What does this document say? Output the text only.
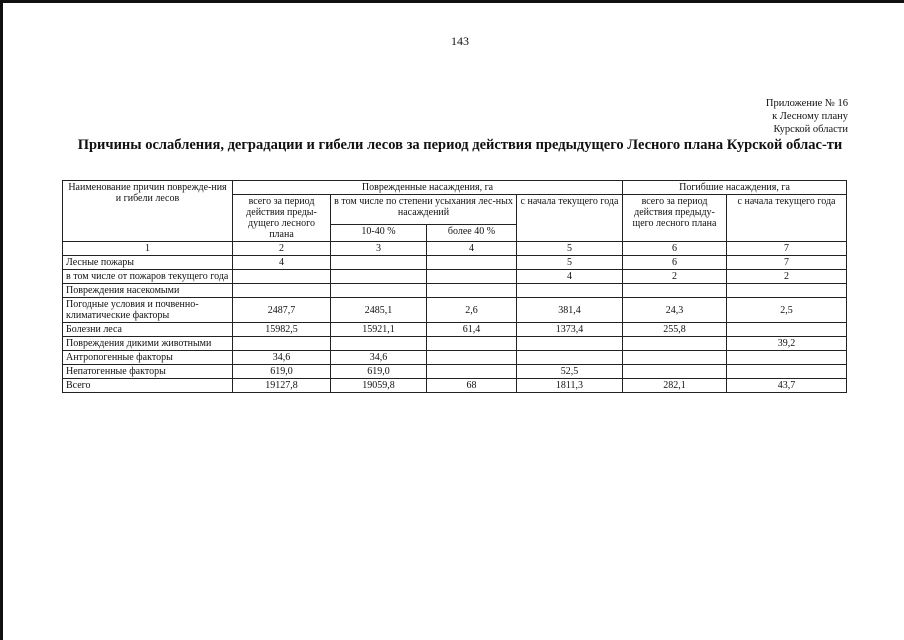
143
Приложение № 16
к Лесному плану
Курской области
Причины ослабления, деградации и гибели лесов за период действия предыдущего Лесного плана Курской облас-ти
Наименование причин поврежде-ния и гибели лесов	Поврежденные насаждения, га				Погибшие насаждения, га	
	всего за период действия преды-дущего лесного плана	в том числе по степени усыхания лес-ных насаждений		с начала текущего года	всего за период действия предыду-щего лесного плана	с начала текущего года
		10-40 %	более 40 %			
1	2	3	4	5	6	7
Лесные пожары	4			5	6	7
в том числе от пожаров текущего года				4	2	2
Повреждения насекомыми						
Погодные условия и почвенно-климатические факторы	2487,7	2485,1	2,6	381,4	24,3	2,5
Болезни леса	15982,5	15921,1	61,4	1373,4	255,8	
Повреждения дикими животными						39,2
Антропогенные факторы	34,6	34,6				
Непатогенные факторы	619,0	619,0		52,5		
Всего	19127,8	19059,8	68	1811,3	282,1	43,7
